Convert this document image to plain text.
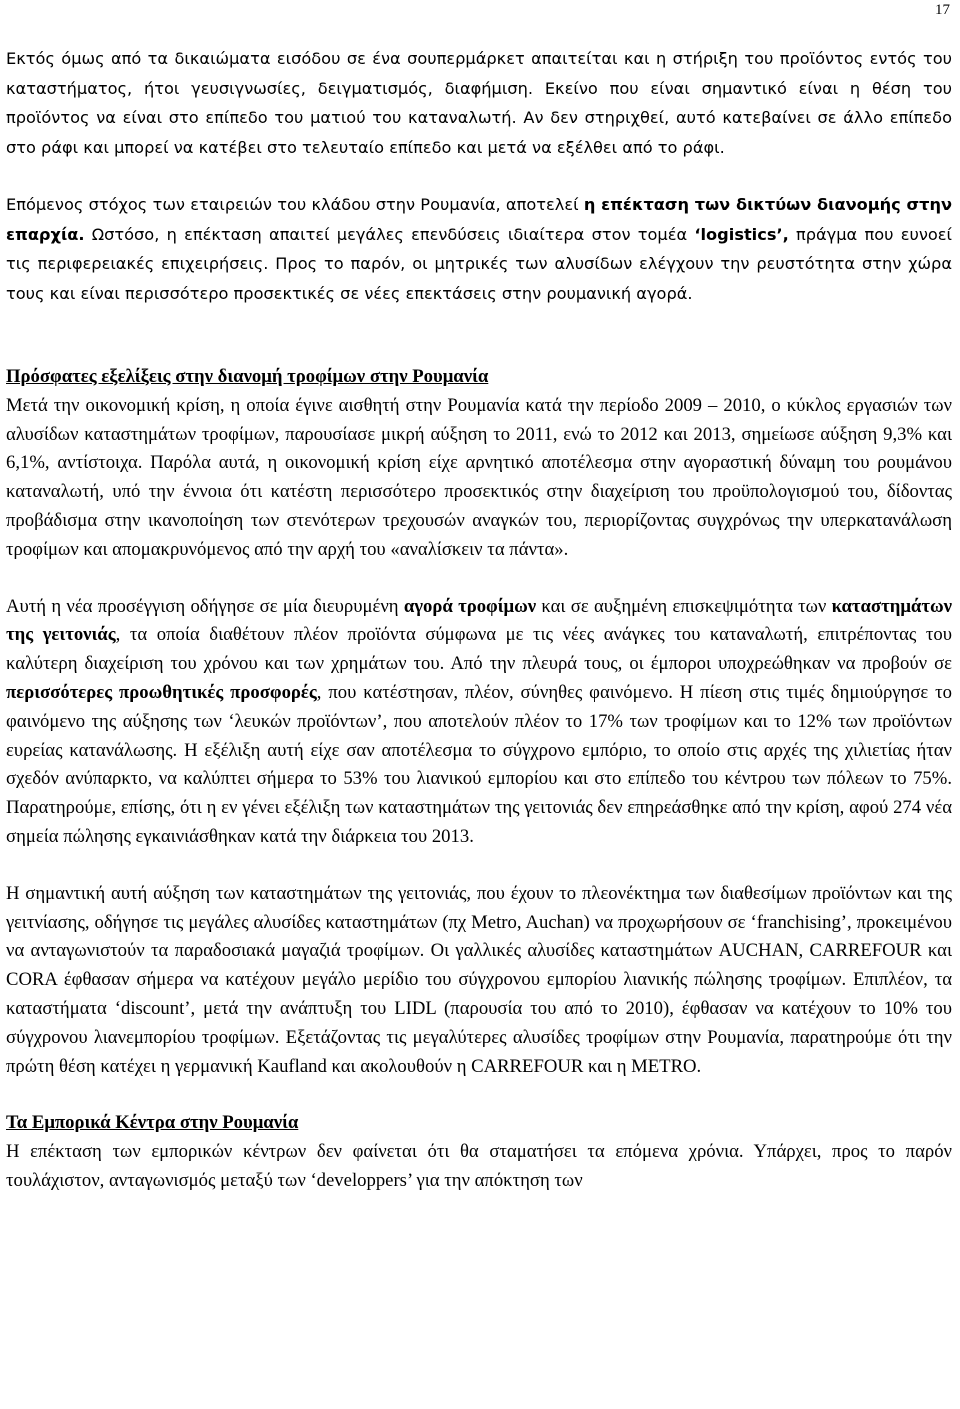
17

Εκτός όμως από τα δικαιώματα εισόδου σε ένα σουπερμάρκετ απαιτείται και η στήριξη του προϊόντος εντός του καταστήματος, ήτοι γευσιγνωσίες, δειγματισμός, διαφήμιση. Εκείνο που είναι σημαντικό είναι η θέση του προϊόντος να είναι στο επίπεδο του ματιού του καταναλωτή. Αν δεν στηριχθεί, αυτό κατεβαίνει σε άλλο επίπεδο στο ράφι και μπορεί να κατέβει στο τελευταίο επίπεδο και μετά να εξέλθει από το ράφι.

Επόμενος στόχος των εταιρειών του κλάδου στην Ρουμανία, αποτελεί η επέκταση των δικτύων διανομής στην επαρχία. Ωστόσο, η επέκταση απαιτεί μεγάλες επενδύσεις ιδιαίτερα στον τομέα ‘logistics’, πράγμα που ευνοεί τις περιφερειακές επιχειρήσεις. Προς το παρόν, οι μητρικές των αλυσίδων ελέγχουν την ρευστότητα στην χώρα τους και είναι περισσότερο προσεκτικές σε νέες επεκτάσεις στην ρουμανική αγορά.

Πρόσφατες εξελίξεις στην διανομή τροφίμων στην Ρουμανία

Μετά την οικονομική κρίση, η οποία έγινε αισθητή στην Ρουμανία κατά την περίοδο 2009 – 2010, ο κύκλος εργασιών των αλυσίδων καταστημάτων τροφίμων, παρουσίασε μικρή αύξηση το 2011, ενώ το 2012 και 2013, σημείωσε αύξηση 9,3% και 6,1%, αντίστοιχα. Παρόλα αυτά, η οικονομική κρίση είχε αρνητικό αποτέλεσμα στην αγοραστική δύναμη του ρουμάνου καταναλωτή, υπό την έννοια ότι κατέστη περισσότερο προσεκτικός στην διαχείριση του προϋπολογισμού του, δίδοντας προβάδισμα στην ικανοποίηση των στενότερων τρεχουσών αναγκών του, περιορίζοντας συγχρόνως την υπερκατανάλωση τροφίμων και απομακρυνόμενος από την αρχή του «αναλίσκειν τα πάντα».

Αυτή η νέα προσέγγιση οδήγησε σε μία διευρυμένη αγορά τροφίμων και σε αυξημένη επισκεψιμότητα των καταστημάτων της γειτονιάς, τα οποία διαθέτουν πλέον προϊόντα σύμφωνα με τις νέες ανάγκες του καταναλωτή, επιτρέποντας του καλύτερη διαχείριση του χρόνου και των χρημάτων του. Από την πλευρά τους, οι έμποροι υποχρεώθηκαν να προβούν σε περισσότερες προωθητικές προσφορές, που κατέστησαν, πλέον, σύνηθες φαινόμενο. Η πίεση στις τιμές δημιούργησε το φαινόμενο της αύξησης των ‘λευκών προϊόντων’, που αποτελούν πλέον το 17% των τροφίμων και το 12% των προϊόντων ευρείας κατανάλωσης. Η εξέλιξη αυτή είχε σαν αποτέλεσμα το σύγχρονο εμπόριο, το οποίο στις αρχές της χιλιετίας ήταν σχεδόν ανύπαρκτο, να καλύπτει σήμερα το 53% του λιανικού εμπορίου και στο επίπεδο του κέντρου των πόλεων το 75%. Παρατηρούμε, επίσης, ότι η εν γένει εξέλιξη των καταστημάτων της γειτονιάς δεν επηρεάσθηκε από την κρίση, αφού 274 νέα σημεία πώλησης εγκαινιάσθηκαν κατά την διάρκεια του 2013.

Η σημαντική αυτή αύξηση των καταστημάτων της γειτονιάς, που έχουν το πλεονέκτημα των διαθεσίμων προϊόντων και της γειτνίασης, οδήγησε τις μεγάλες αλυσίδες καταστημάτων (πχ Metro, Auchan) να προχωρήσουν σε ‘franchising’, προκειμένου να ανταγωνιστούν τα παραδοσιακά μαγαζιά τροφίμων. Οι γαλλικές αλυσίδες καταστημάτων AUCHAN, CARREFOUR και CORA έφθασαν σήμερα να κατέχουν μεγάλο μερίδιο του σύγχρονου εμπορίου λιανικής πώλησης τροφίμων. Επιπλέον, τα καταστήματα ‘discount’, μετά την ανάπτυξη του LIDL (παρουσία του από το 2010), έφθασαν να κατέχουν το 10% του σύγχρονου λιανεμπορίου τροφίμων. Εξετάζοντας τις μεγαλύτερες αλυσίδες τροφίμων στην Ρουμανία, παρατηρούμε ότι την πρώτη θέση κατέχει η γερμανική Kaufland και ακολουθούν η CARREFOUR και η METRO.

Τα Εμπορικά Κέντρα στην Ρουμανία

Η επέκταση των εμπορικών κέντρων δεν φαίνεται ότι θα σταματήσει τα επόμενα χρόνια. Υπάρχει, προς το παρόν τουλάχιστον, ανταγωνισμός μεταξύ των ‘developpers’ για την απόκτηση των
